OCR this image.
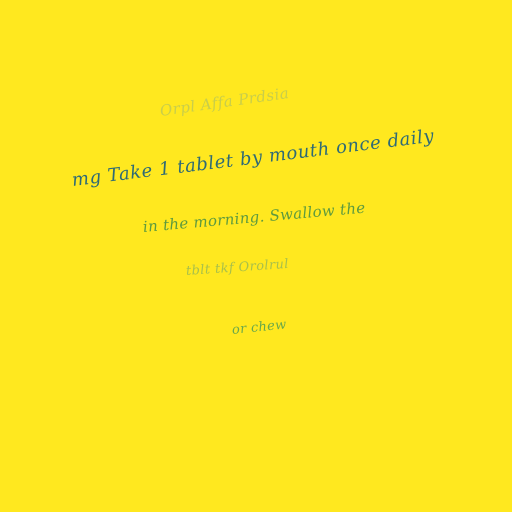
Orpl Affa Prdsia
mg Take 1 tablet by mouth once daily
in the morning. Swallow the
tblt tkf Orolrul
or chew
